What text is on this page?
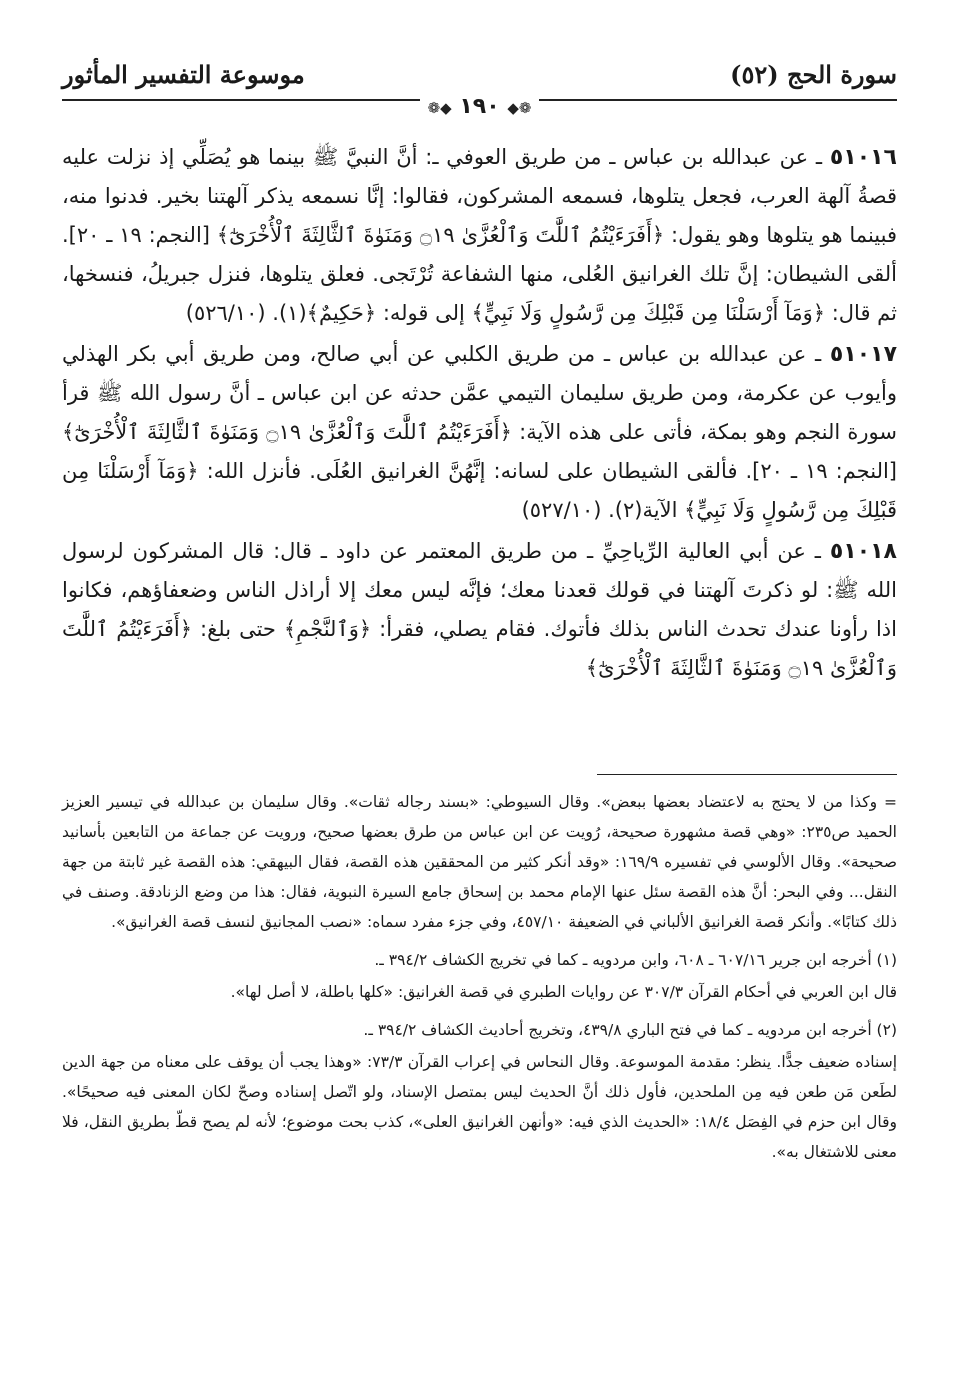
سورة الحج (٥٢)
موسوعة التفسير المأثور
❁◆ ١٩٠ ◆❁

٥١٠١٦ ـ عن عبدالله بن عباس ـ من طريق العوفي ـ: أنَّ النبيَّ ﷺ بينما هو يُصَلِّي إذ نزلت عليه قصةُ آلهة العرب، فجعل يتلوها، فسمعه المشركون، فقالوا: إنَّا نسمعه يذكر آلهتنا بخير. فدنوا منه، فبينما هو يتلوها وهو يقول: ﴿أَفَرَءَيْتُمُ ٱللَّٰتَ وَٱلْعُزَّىٰ ۝١٩ وَمَنَوٰةَ ٱلثَّالِثَةَ ٱلْأُخْرَىٰٓ﴾ [النجم: ١٩ ـ ٢٠]. ألقى الشيطان: إنَّ تلك الغرانيق العُلى، منها الشفاعة تُرْتَجى. فعلق يتلوها، فنزل جبريلُ، فنسخها، ثم قال: ﴿وَمَآ أَرْسَلْنَا مِن قَبْلِكَ مِن رَّسُولٍ وَلَا نَبِيٍّ﴾ إلى قوله: ﴿حَكِيمٌ﴾(١). (٥٢٦/١٠)

٥١٠١٧ ـ عن عبدالله بن عباس ـ من طريق الكلبي عن أبي صالح، ومن طريق أبي بكر الهذلي وأيوب عن عكرمة، ومن طريق سليمان التيمي عمَّن حدثه عن ابن عباس ـ أنَّ رسول الله ﷺ قرأ سورة النجم وهو بمكة، فأتى على هذه الآية: ﴿أَفَرَءَيْتُمُ ٱللَّٰتَ وَٱلْعُزَّىٰ ۝١٩ وَمَنَوٰةَ ٱلثَّالِثَةَ ٱلْأُخْرَىٰٓ﴾ [النجم: ١٩ ـ ٢٠]. فألقى الشيطان على لسانه: إنَّهُنَّ الغرانيق العُلَى. فأنزل الله: ﴿وَمَآ أَرْسَلْنَا مِن قَبْلِكَ مِن رَّسُولٍ وَلَا نَبِيٍّ﴾ الآية(٢). (٥٢٧/١٠)

٥١٠١٨ ـ عن أبي العالية الرِّياحِيِّ ـ من طريق المعتمر عن داود ـ قال: قال المشركون لرسول الله ﷺ: لو ذكرتَ آلهتنا في قولك قعدنا معك؛ فإنَّه ليس معك إلا أراذل الناس وضعفاؤهم، فكانوا اذا رأونا عندك تحدث الناس بذلك فأتوك. فقام يصلي، فقرأ: ﴿وَٱلنَّجْمِ﴾ حتى بلغ: ﴿أَفَرَءَيْتُمُ ٱللَّٰتَ وَٱلْعُزَّىٰ ۝١٩ وَمَنَوٰةَ ٱلثَّالِثَةَ ٱلْأُخْرَىٰٓ﴾

= وكذا من لا يحتج به لاعتضاد بعضها ببعض». وقال السيوطي: «بسند رجاله ثقات». وقال سليمان بن عبدالله في تيسير العزيز الحميد ص٢٣٥: «وهي قصة مشهورة صحيحة، رُويت عن ابن عباس من طرق بعضها صحيح، ورويت عن جماعة من التابعين بأسانيد صحيحة». وقال الألوسي في تفسيره ١٦٩/٩: «وقد أنكر كثير من المحققين هذه القصة، فقال البيهقي: هذه القصة غير ثابتة من جهة النقل... وفي البحر: أنَّ هذه القصة سئل عنها الإمام محمد بن إسحاق جامع السيرة النبوية، فقال: هذا من وضع الزنادقة. وصنف في ذلك كتابًا». وأنكر قصة الغرانيق الألباني في الضعيفة ٤٥٧/١٠، وفي جزء مفرد سماه: «نصب المجانيق لنسف قصة الغرانيق».

(١) أخرجه ابن جرير ٦٠٧/١٦ ـ ٦٠٨، وابن مردويه ـ كما في تخريج الكشاف ٣٩٤/٢ ـ.

قال ابن العربي في أحكام القرآن ٣٠٧/٣ عن روايات الطبري في قصة الغرانيق: «كلها باطلة، لا أصل لها».

(٢) أخرجه ابن مردويه ـ كما في فتح الباري ٤٣٩/٨، وتخريج أحاديث الكشاف ٣٩٤/٢ ـ.

إسناده ضعيف جدًّا. ينظر: مقدمة الموسوعة. وقال النحاس في إعراب القرآن ٧٣/٣: «وهذا يجب أن يوقف على معناه من جهة الدين لطَعن مَن طعن فيه مِن الملحدين، فأول ذلك أنَّ الحديث ليس بمتصل الإسناد، ولو اتّصل إسناده وصحّ لكان المعنى فيه صحيحًا». وقال ابن حزم في الفِصَل ١٨/٤: «الحديث الذي فيه: «وأنهن الغرانيق العلى»، كذب بحت موضوع؛ لأنه لم يصح قطّ بطريق النقل، فلا معنى للاشتغال به».
